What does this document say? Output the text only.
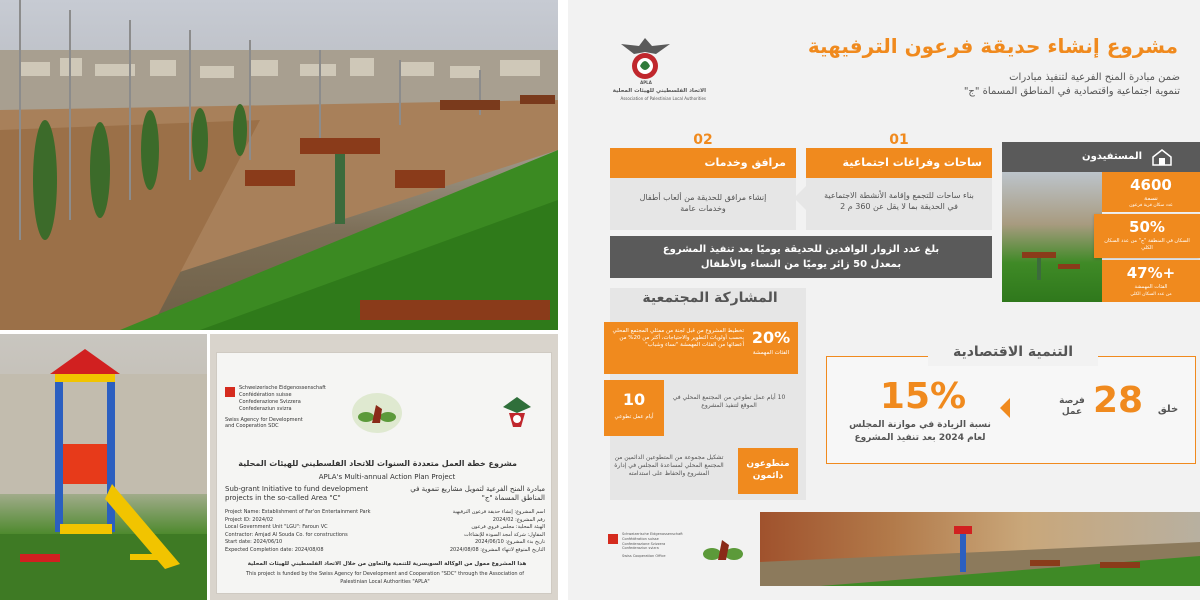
Schweizerische Eidgenossenschaft
Confédération suisse
Confederazione Svizzera
Confederaziun svizra
Swiss Agency for Development and Cooperation SDC
مشروع خطة العمل متعددة السنوات للاتحاد الفلسطيني للهيئات المحلية
APLA's Multi-annual Action Plan Project
Sub-grant Initiative to fund development projects in the so-called Area "C"
مبادرة المنح الفرعية لتمويل مشاريع تنموية في المناطق المسماة "ج"
Project Name: Establishment of Far'on Entertainment Park
Project ID: 2024/02
Local Government Unit "LGU": Faroun VC
Contractor: Amjad Al Souda Co. for constructions
Start date: 2024/06/10
Expected Completion date: 2024/08/08
اسم المشروع: إنشاء حديقة فرعون الترفيهية
رقم المشروع: 2024/02
الهيئة المحلية: مجلس قروي فرعون
المقاول: شركة أمجد السودة للإنشاءات
تاريخ بدء المشروع: 2024/06/10
التاريخ المتوقع لانتهاء المشروع: 2024/08/08
هذا المشروع ممول من الوكالة السويسرية للتنمية والتعاون من خلال الاتحاد الفلسطيني للهيئات المحلية
This project is funded by the Swiss Agency for Development and Cooperation "SDC" through the Association of
Palestinian Local Authorities "APLA"
APLA
الاتحاد الفلسطيني للهيئات المحلية
Association of Palestinian Local Authorities
مشروع إنشاء حديقة فرعون الترفيهية
ضمن مبادرة المنح الفرعية لتنفيذ مبادرات
تنموية اجتماعية واقتصادية في المناطق المسماة "ج"
02
مرافق وخدمات
إنشاء مرافق للحديقة من ألعاب أطفال وخدمات عامة
01
ساحات وفراغات اجتماعية
بناء ساحات للتجمع وإقامة الأنشطة الاجتماعية في الحديقة بما لا يقل عن 360 م 2
بلغ عدد الزوار الوافدين للحديقة يوميًا بعد تنفيذ المشروع
بمعدل 50 زائر يوميًا من النساء والأطفال
المستفيدون
4600
نسمة
عدد سكان قرية فرعون
50%
السكان في المنطقة "ج" من عدد السكان الكلي
47%+
الفئات المهمشة
من عدد السكان الكلي
المشاركة المجتمعية
20%
الفئات المهمشة
تخطيط المشروع من قبل لجنة من ممثلي المجتمع المحلي بحسب أولويات التطوير والاحتياجات، أكثر من 20% من أعضائها من الفئات المهمشة "نساء وشباب"
10
أيام عمل تطوعي
10 أيام عمل تطوعي من المجتمع المحلي في الموقع لتنفيذ المشروع
تشكيل مجموعة من المتطوعين الدائمين من المجتمع المحلي لمساعدة المجلس في إدارة المشروع والحفاظ على استدامته
متطوعون دائمون
التنمية الاقتصادية
28
فرصة
عمل	خلق
15%
نسبة الزيادة في موازنة المجلس
لعام 2024 بعد تنفيذ المشروع
Schweizerische Eidgenossenschaft
Confédération suisse
Confederazione Svizzera
Confederaziun svizra
Swiss Cooperation Office
